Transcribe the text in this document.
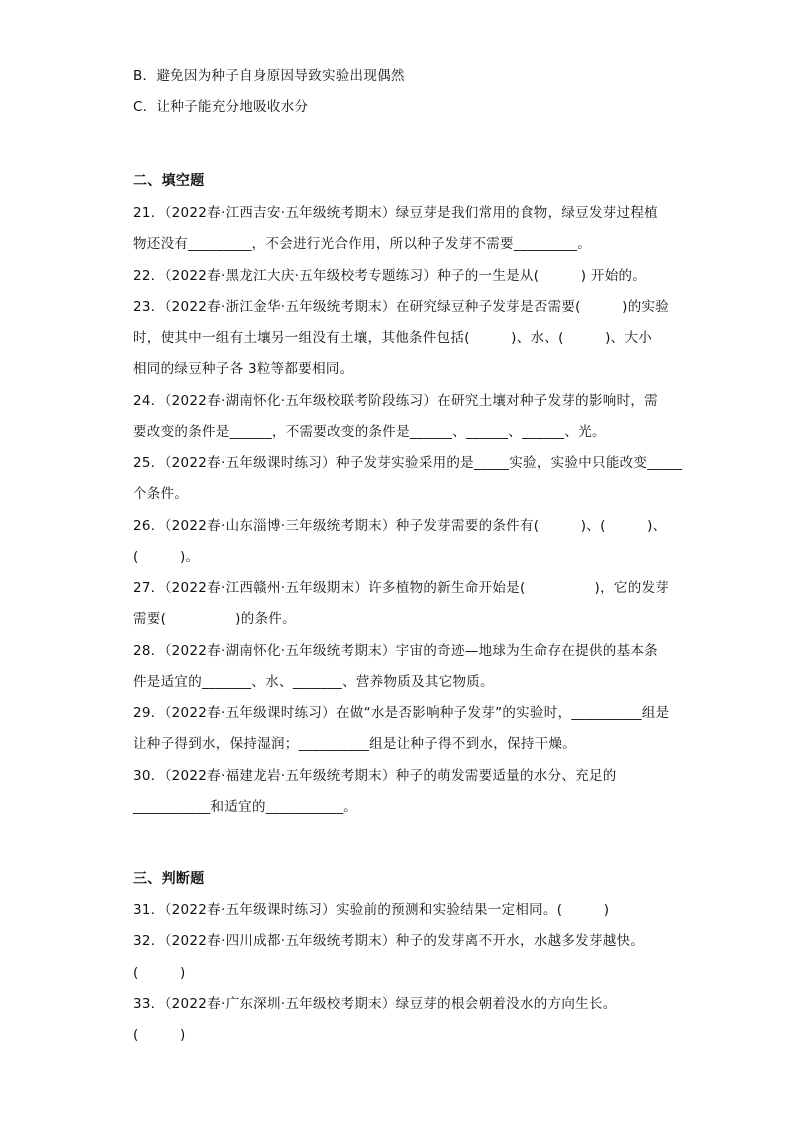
B．避免因为种子自身原因导致实验出现偶然
C．让种子能充分地吸收水分
二、填空题
21．（2022春·江西吉安·五年级统考期末）绿豆芽是我们常用的食物，绿豆发芽过程植
物还没有_________，不会进行光合作用，所以种子发芽不需要_________。
22．（2022春·黑龙江大庆·五年级校考专题练习）种子的一生是从(　　　) 开始的。
23．（2022春·浙江金华·五年级统考期末）在研究绿豆种子发芽是否需要(　　　)的实验
时，使其中一组有土壤另一组没有土壤，其他条件包括(　　　)、水、(　　　)、大小
相同的绿豆种子各 3粒等都要相同。
24．（2022春·湖南怀化·五年级校联考阶段练习）在研究土壤对种子发芽的影响时，需
要改变的条件是______，不需要改变的条件是______、______、______、光。
25．（2022春·五年级课时练习）种子发芽实验采用的是_____实验，实验中只能改变_____
个条件。
26．（2022春·山东淄博·三年级统考期末）种子发芽需要的条件有(　　　)、(　　　)、
(　　　)。
27．（2022春·江西赣州·五年级期末）许多植物的新生命开始是(　　　　　)，它的发芽
需要(　　　　　)的条件。
28．（2022春·湖南怀化·五年级统考期末）宇宙的奇迹—地球为生命存在提供的基本条
件是适宜的_______、水、_______、营养物质及其它物质。
29．（2022春·五年级课时练习）在做“水是否影响种子发芽”的实验时，__________组是
让种子得到水，保持湿润；__________组是让种子得不到水，保持干燥。
30．（2022春·福建龙岩·五年级统考期末）种子的萌发需要适量的水分、充足的
___________和适宜的___________。
三、判断题
31．（2022春·五年级课时练习）实验前的预测和实验结果一定相同。(　　　)
32．（2022春·四川成都·五年级统考期末）种子的发芽离不开水，水越多发芽越快。
(　　　)
33．（2022春·广东深圳·五年级校考期末）绿豆芽的根会朝着没水的方向生长。
(　　　)
